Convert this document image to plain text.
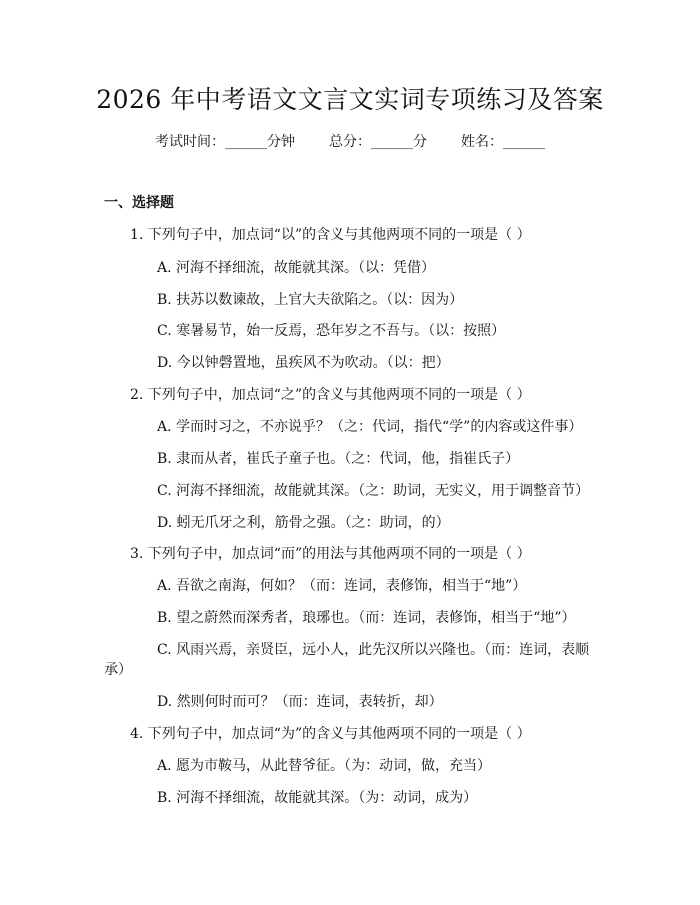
2026 年中考语文文言文实词专项练习及答案
考试时间：______分钟 总分：______分 姓名：______
一、选择题
1. 下列句子中，加点词“以”的含义与其他两项不同的一项是（ ）
A. 河海不择细流，故能就其深。（以：凭借）
B. 扶苏以数谏故，上官大夫欲陷之。（以：因为）
C. 寒暑易节，始一反焉，恐年岁之不吾与。（以：按照）
D. 今以钟磬置地，虽疾风不为吹动。（以：把）
2. 下列句子中，加点词“之”的含义与其他两项不同的一项是（ ）
A. 学而时习之，不亦说乎？（之：代词，指代“学”的内容或这件事）
B. 隶而从者，崔氏子童子也。（之：代词，他，指崔氏子）
C. 河海不择细流，故能就其深。（之：助词，无实义，用于调整音节）
D. 蚓无爪牙之利，筋骨之强。（之：助词，的）
3. 下列句子中，加点词“而”的用法与其他两项不同的一项是（ ）
A. 吾欲之南海，何如？（而：连词，表修饰，相当于“地”）
B. 望之蔚然而深秀者，琅琊也。（而：连词，表修饰，相当于“地”）
C. 风雨兴焉，亲贤臣，远小人，此先汉所以兴隆也。（而：连词，表顺
承）
D. 然则何时而可？（而：连词，表转折，却）
4. 下列句子中，加点词“为”的含义与其他两项不同的一项是（ ）
A. 愿为市鞍马，从此替爷征。（为：动词，做，充当）
B. 河海不择细流，故能就其深。（为：动词，成为）
